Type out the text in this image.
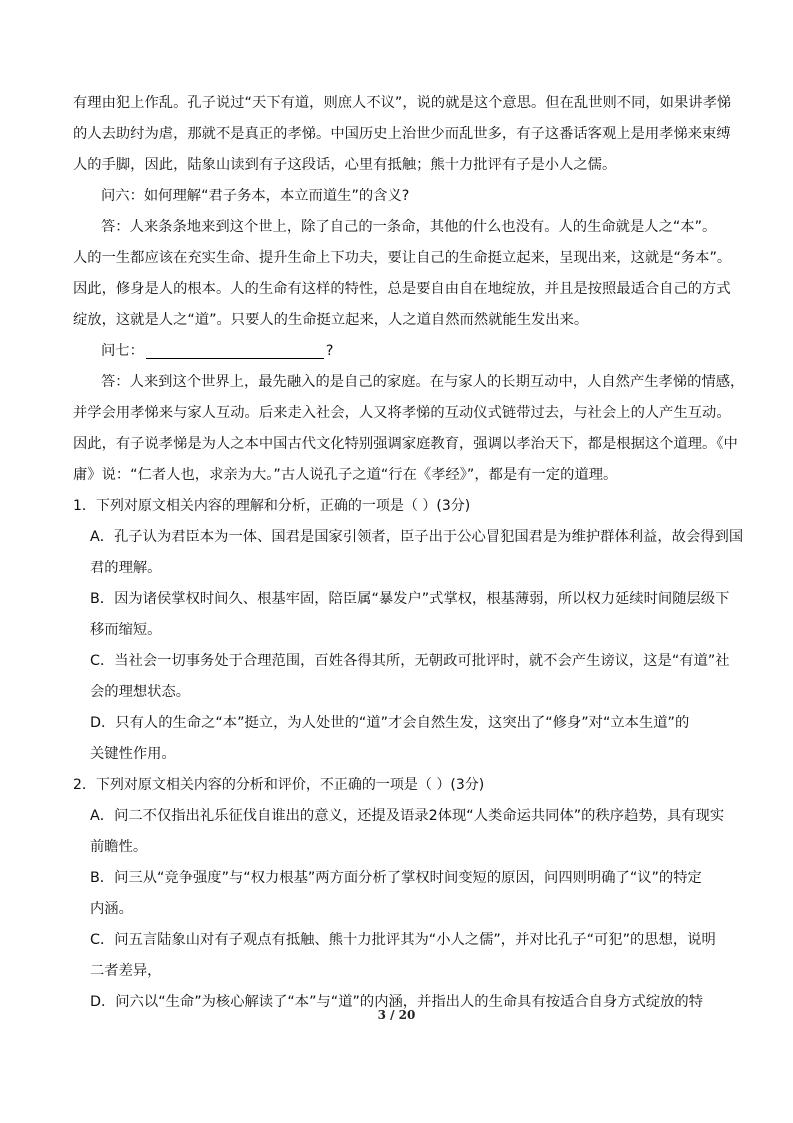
有理由犯上作乱。孔子说过“天下有道，则庶人不议”，说的就是这个意思。但在乱世则不同，如果讲孝悌
的人去助纣为虐，那就不是真正的孝悌。中国历史上治世少而乱世多，有子这番话客观上是用孝悌来束缚
人的手脚，因此，陆象山读到有子这段话，心里有抵触；熊十力批评有子是小人之儒。
问六：如何理解“君子务本，本立而道生”的含义?
答：人来条条地来到这个世上，除了自己的一条命，其他的什么也没有。人的生命就是人之“本”。
人的一生都应该在充实生命、提升生命上下功夫，要让自己的生命挺立起来，呈现出来，这就是“务本”。
因此，修身是人的根本。人的生命有这样的特性，总是要自由自在地绽放，并且是按照最适合自己的方式
绽放，这就是人之“道”。只要人的生命挺立起来，人之道自然而然就能生发出来。
问七：	?
答：人来到这个世界上，最先融入的是自己的家庭。在与家人的长期互动中，人自然产生孝悌的情感，
并学会用孝悌来与家人互动。后来走入社会，人又将孝悌的互动仪式链带过去，与社会上的人产生互动。
因此，有子说孝悌是为人之本中国古代文化特别强调家庭教育，强调以孝治天下，都是根据这个道理。《中
庸》说：“仁者人也，求亲为大。”古人说孔子之道“行在《孝经》”，都是有一定的道理。
1．下列对原文相关内容的理解和分析，正确的一项是（ ）(3分)
A．孔子认为君臣本为一体、国君是国家引领者，臣子出于公心冒犯国君是为维护群体利益，故会得到国
君的理解。
B．因为诸侯掌权时间久、根基牢固，陪臣属“暴发户”式掌权，根基薄弱，所以权力延续时间随层级下
移而缩短。
C．当社会一切事务处于合理范围，百姓各得其所，无朝政可批评时，就不会产生谤议，这是“有道”社
会的理想状态。
D．只有人的生命之“本”挺立，为人处世的“道”才会自然生发，这突出了“修身”对“立本生道”的
关键性作用。
2．下列对原文相关内容的分析和评价，不正确的一项是（ ）(3分)
A．问二不仅指出礼乐征伐自谁出的意义，还提及语录2体现“人类命运共同体”的秩序趋势，具有现实
前瞻性。
B．问三从“竞争强度”与“权力根基”两方面分析了掌权时间变短的原因，问四则明确了“议”的特定
内涵。
C．问五言陆象山对有子观点有抵触、熊十力批评其为“小人之儒”，并对比孔子“可犯”的思想，说明
二者差异，
D．问六以“生命”为核心解读了“本”与“道”的内涵，并指出人的生命具有按适合自身方式绽放的特
3 / 20
